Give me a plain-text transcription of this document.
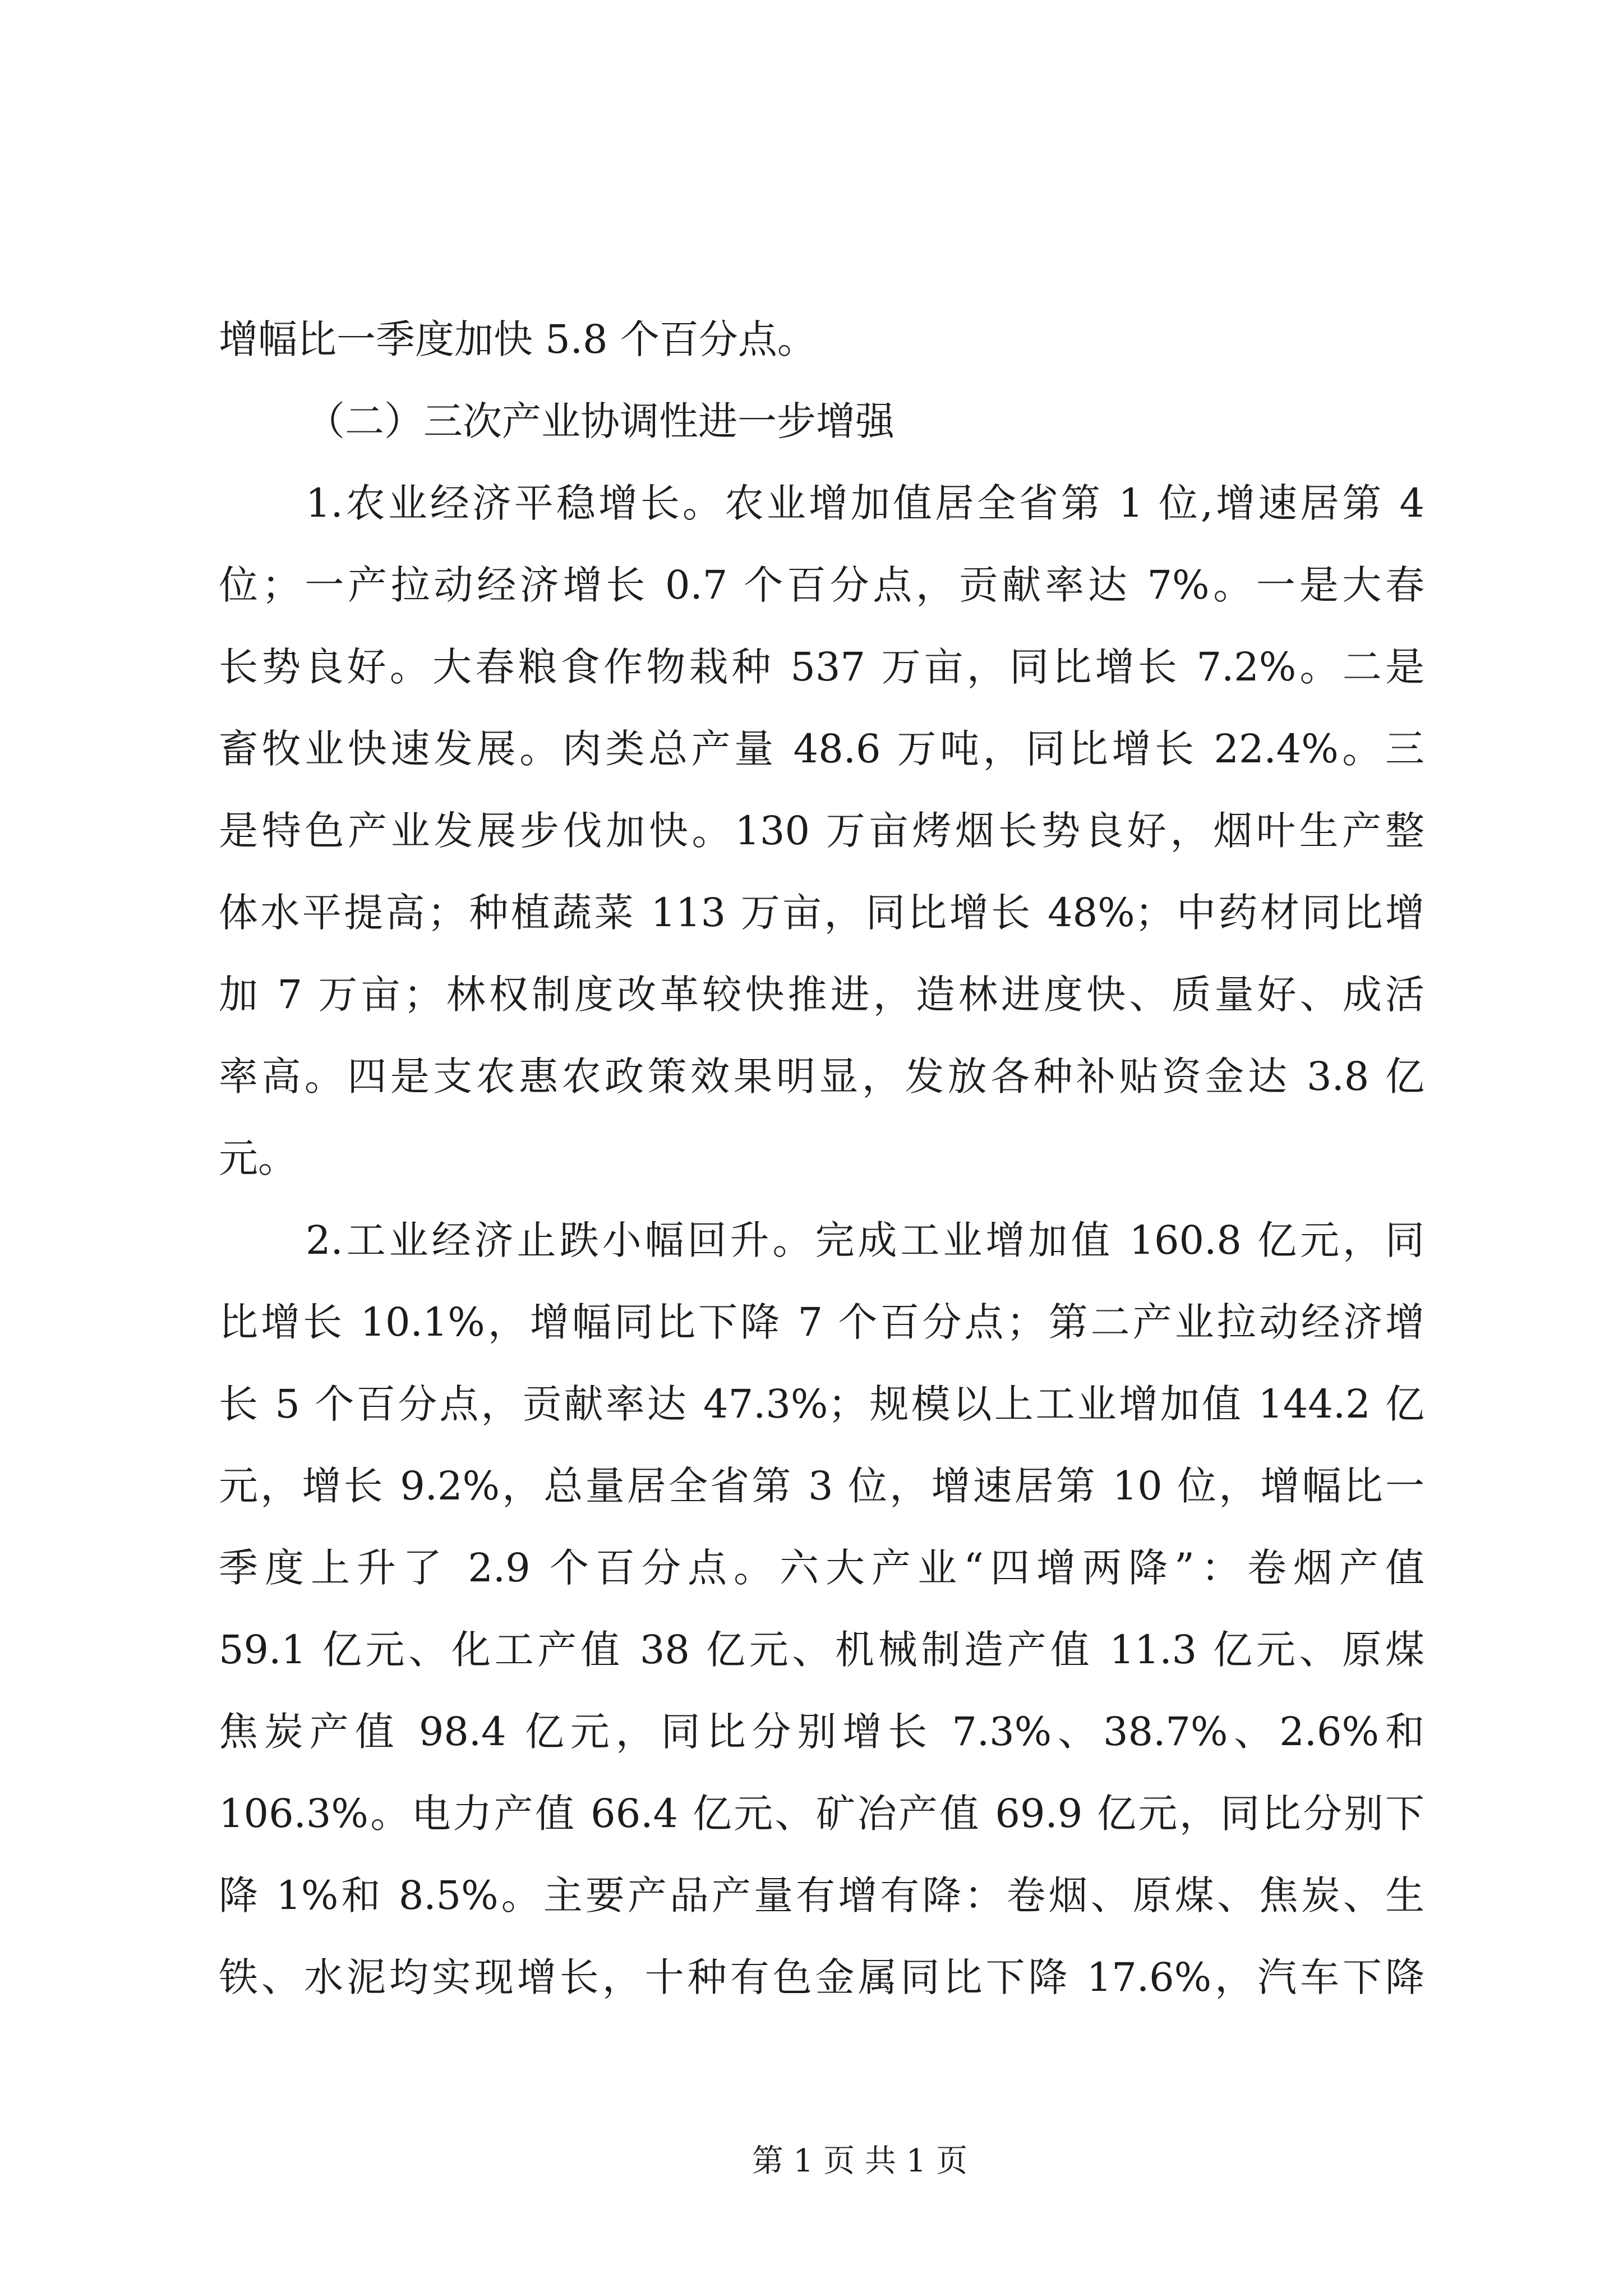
增幅比一季度加快 5.8 个百分点。
（二）三次产业协调性进一步增强
1.农业经济平稳增长。农业增加值居全省第 1 位,增速居第 4
位；一产拉动经济增长 0.7 个百分点，贡献率达 7%。一是大春
长势良好。大春粮食作物栽种 537 万亩，同比增长 7.2%。二是
畜牧业快速发展。肉类总产量 48.6 万吨，同比增长 22.4%。三
是特色产业发展步伐加快。130 万亩烤烟长势良好，烟叶生产整
体水平提高；种植蔬菜 113 万亩，同比增长 48%；中药材同比增
加 7 万亩；林权制度改革较快推进，造林进度快、质量好、成活
率高。四是支农惠农政策效果明显，发放各种补贴资金达 3.8 亿
元。
2.工业经济止跌小幅回升。完成工业增加值 160.8 亿元，同
比增长 10.1%，增幅同比下降 7 个百分点；第二产业拉动经济增
长 5 个百分点，贡献率达 47.3%；规模以上工业增加值 144.2 亿
元，增长 9.2%，总量居全省第 3 位，增速居第 10 位，增幅比一
季度上升了 2.9 个百分点。六大产业“四增两降”：卷烟产值
59.1 亿元、化工产值 38 亿元、机械制造产值 11.3 亿元、原煤
焦炭产值 98.4 亿元，同比分别增长 7.3%、38.7%、2.6%和
106.3%。电力产值 66.4 亿元、矿冶产值 69.9 亿元，同比分别下
降 1%和 8.5%。主要产品产量有增有降：卷烟、原煤、焦炭、生
铁、水泥均实现增长，十种有色金属同比下降 17.6%，汽车下降
第 1 页 共 1 页
